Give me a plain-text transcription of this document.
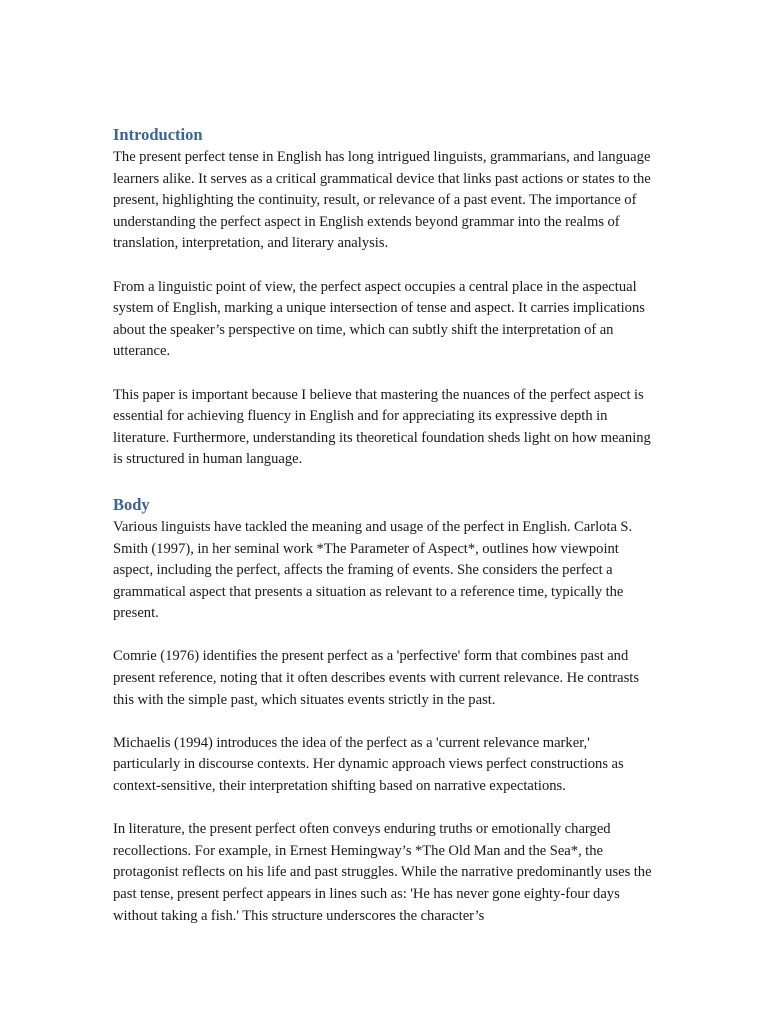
Introduction

The present perfect tense in English has long intrigued linguists, grammarians, and language learners alike. It serves as a critical grammatical device that links past actions or states to the present, highlighting the continuity, result, or relevance of a past event. The importance of understanding the perfect aspect in English extends beyond grammar into the realms of translation, interpretation, and literary analysis.

From a linguistic point of view, the perfect aspect occupies a central place in the aspectual system of English, marking a unique intersection of tense and aspect. It carries implications about the speaker’s perspective on time, which can subtly shift the interpretation of an utterance.

This paper is important because I believe that mastering the nuances of the perfect aspect is essential for achieving fluency in English and for appreciating its expressive depth in literature. Furthermore, understanding its theoretical foundation sheds light on how meaning is structured in human language.

Body

Various linguists have tackled the meaning and usage of the perfect in English. Carlota S. Smith (1997), in her seminal work *The Parameter of Aspect*, outlines how viewpoint aspect, including the perfect, affects the framing of events. She considers the perfect a grammatical aspect that presents a situation as relevant to a reference time, typically the present.

Comrie (1976) identifies the present perfect as a 'perfective' form that combines past and present reference, noting that it often describes events with current relevance. He contrasts this with the simple past, which situates events strictly in the past.

Michaelis (1994) introduces the idea of the perfect as a 'current relevance marker,' particularly in discourse contexts. Her dynamic approach views perfect constructions as context-sensitive, their interpretation shifting based on narrative expectations.

In literature, the present perfect often conveys enduring truths or emotionally charged recollections. For example, in Ernest Hemingway’s *The Old Man and the Sea*, the protagonist reflects on his life and past struggles. While the narrative predominantly uses the past tense, present perfect appears in lines such as: 'He has never gone eighty-four days without taking a fish.' This structure underscores the character’s
